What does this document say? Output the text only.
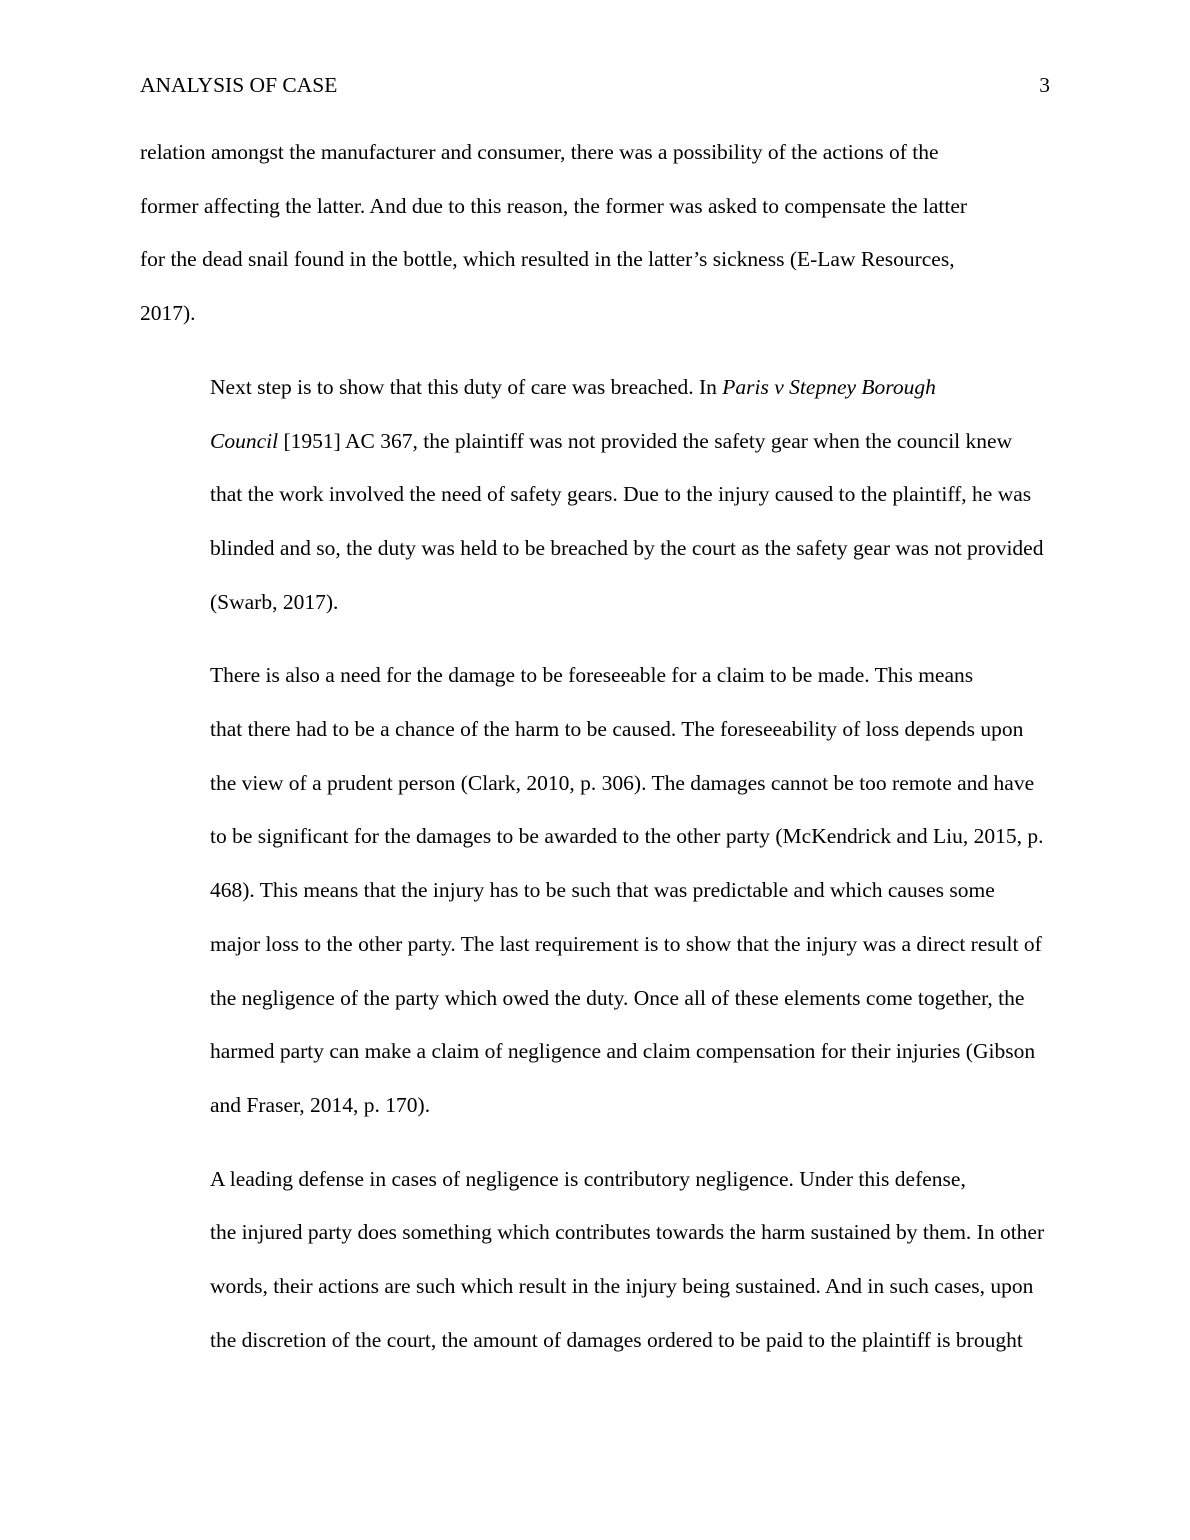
ANALYSIS OF CASE	3

relation amongst the manufacturer and consumer, there was a possibility of the actions of the
former affecting the latter. And due to this reason, the former was asked to compensate the latter
for the dead snail found in the bottle, which resulted in the latter’s sickness (E-Law Resources,
2017).

Next step is to show that this duty of care was breached. In Paris v Stepney Borough
Council [1951] AC 367, the plaintiff was not provided the safety gear when the council knew
that the work involved the need of safety gears. Due to the injury caused to the plaintiff, he was
blinded and so, the duty was held to be breached by the court as the safety gear was not provided
(Swarb, 2017).

There is also a need for the damage to be foreseeable for a claim to be made. This means
that there had to be a chance of the harm to be caused. The foreseeability of loss depends upon
the view of a prudent person (Clark, 2010, p. 306). The damages cannot be too remote and have
to be significant for the damages to be awarded to the other party (McKendrick and Liu, 2015, p.
468). This means that the injury has to be such that was predictable and which causes some
major loss to the other party. The last requirement is to show that the injury was a direct result of
the negligence of the party which owed the duty. Once all of these elements come together, the
harmed party can make a claim of negligence and claim compensation for their injuries (Gibson
and Fraser, 2014, p. 170).

A leading defense in cases of negligence is contributory negligence. Under this defense,
the injured party does something which contributes towards the harm sustained by them. In other
words, their actions are such which result in the injury being sustained. And in such cases, upon
the discretion of the court, the amount of damages ordered to be paid to the plaintiff is brought
